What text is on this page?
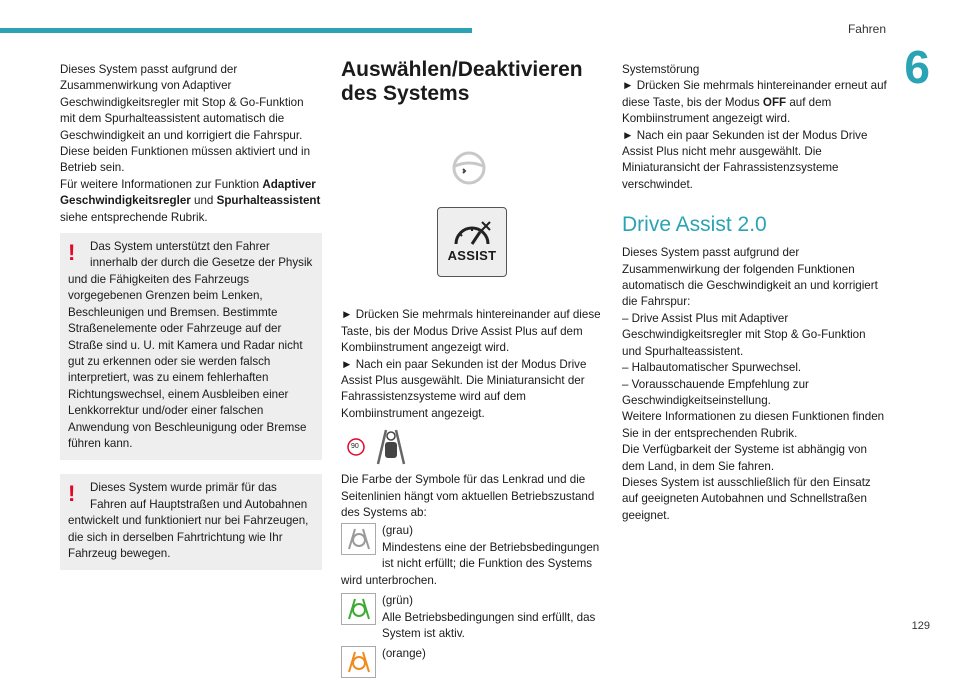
Fahren
6

Dieses System passt aufgrund der Zusammenwirkung von Adaptiver Geschwindigkeitsregler mit Stop & Go-Funktion mit dem Spurhalteassistent automatisch die Geschwindigkeit an und korrigiert die Fahrspur. Diese beiden Funktionen müssen aktiviert und in Betrieb sein.

Für weitere Informationen zur Funktion Adaptiver Geschwindigkeitsregler und Spurhalteassistent siehe entsprechende Rubrik.

!	Das System unterstützt den Fahrer innerhalb der durch die Gesetze der Physik
und die Fähigkeiten des Fahrzeugs vorgegebenen Grenzen beim Lenken, Beschleunigen und Bremsen. Bestimmte Straßenelemente oder Fahrzeuge auf der Straße sind u. U. mit Kamera und Radar nicht gut zu erkennen oder sie werden falsch interpretiert, was zu einem fehlerhaften Richtungswechsel, einem Ausbleiben einer Lenkkorrektur und/oder einer falschen Anwendung von Beschleunigung oder Bremse führen kann.
!	Dieses System wurde primär für das Fahren auf Hauptstraßen und Autobahnen
entwickelt und funktioniert nur bei Fahrzeugen, die sich in derselben Fahrtrichtung wie Ihr Fahrzeug bewegen.
Auswählen/Deaktivieren des Systems
ASSIST

► Drücken Sie mehrmals hintereinander auf diese Taste, bis der Modus Drive Assist Plus auf dem Kombiinstrument angezeigt wird.

► Nach ein paar Sekunden ist der Modus Drive Assist Plus ausgewählt. Die Miniaturansicht der Fahrassistenzsysteme wird auf dem Kombiinstrument angezeigt.

90

Die Farbe der Symbole für das Lenkrad und die Seitenlinien hängt vom aktuellen Betriebszustand des Systems ab:

(grau)
Mindestens eine der Betriebsbedingungen ist nicht erfüllt; die Funktion des Systems wird unterbrochen.
(grün)
Alle Betriebsbedingungen sind erfüllt, das System ist aktiv.
(orange)

Systemstörung

► Drücken Sie mehrmals hintereinander erneut auf diese Taste, bis der Modus OFF auf dem Kombiinstrument angezeigt wird.

► Nach ein paar Sekunden ist der Modus Drive Assist Plus nicht mehr ausgewählt. Die Miniaturansicht der Fahrassistenzsysteme verschwindet.

Drive Assist 2.0

Dieses System passt aufgrund der Zusammenwirkung der folgenden Funktionen automatisch die Geschwindigkeit an und korrigiert die Fahrspur:

– Drive Assist Plus mit Adaptiver Geschwindigkeitsregler mit Stop & Go-Funktion und Spurhalteassistent.

– Halbautomatischer Spurwechsel.

– Vorausschauende Empfehlung zur Geschwindigkeitseinstellung.

Weitere Informationen zu diesen Funktionen finden Sie in der entsprechenden Rubrik.

Die Verfügbarkeit der Systeme ist abhängig von dem Land, in dem Sie fahren.

Dieses System ist ausschließlich für den Einsatz auf geeigneten Autobahnen und Schnellstraßen geeignet.

129
